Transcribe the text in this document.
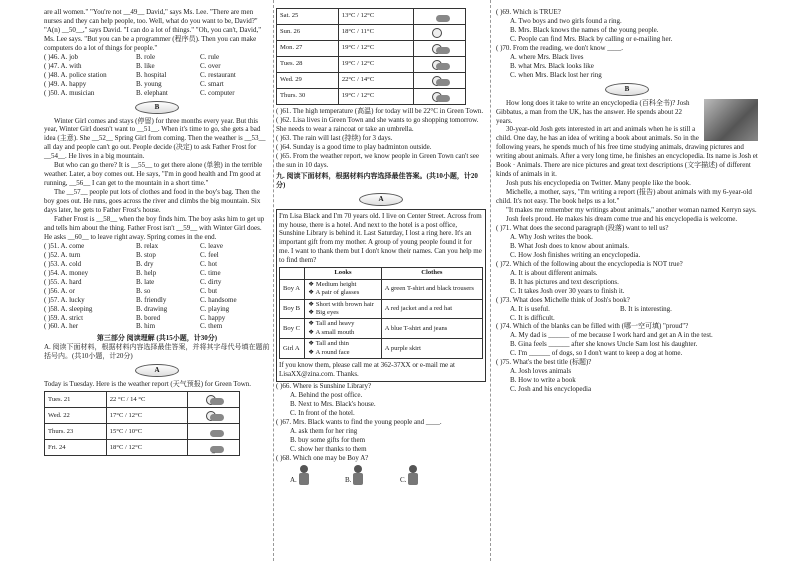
are all women." "You're not __49__ David," says Ms. Lee. "There are men nurses and they can help people, too. Well, what do you want to be, David?"

"A(n) __50__," says David. "I can do a lot of things." "Oh, you can't, David," Ms. Lee says. "But you can be a programmer (程序员). Then you can make computers do a lot of things for people."

( )46. A. job	B. role	C. rule
( )47. A. with	B. like	C. over
( )48. A. police station	B. hospital	C. restaurant
( )49. A. happy	B. young	C. smart
( )50. A. musician	B. elephant	C. computer
B

Winter Girl comes and stays (停留) for three months every year. But this year, Winter Girl doesn't want to __51__. When it's time to go, she gets a bad idea (主意). She __52__ Spring Girl from coming. Then the weather is __53__ all day and people can't go out. People decide (决定) to ask Father Frost for __54__. He lives in a big mountain.

But who can go there? It is __55__ to get there alone (单独) in the terrible weather. Later, a boy comes out. He says, "I'm in good health and I'm good at running, __56__ I can get to the mountain in a short time."

The __57__ people put lots of clothes and food in the boy's bag. Then the boy goes out. He runs, goes across the river and climbs the big mountain. Six days later, he gets to Father Frost's house.

Father Frost is __58__ when the boy finds him. The boy asks him to get up and tells him about the thing. Father Frost isn't __59__ with Winter Girl does. He asks __60__ to leave right away. Spring comes in the end.

( )51. A. come	B. relax	C. leave
( )52. A. turn	B. stop	C. feel
( )53. A. cold	B. dry	C. hot
( )54. A. money	B. help	C. time
( )55. A. hard	B. late	C. dirty
( )56. A. or	B. so	C. but
( )57. A. lucky	B. friendly	C. handsome
( )58. A. sleeping	B. drawing	C. playing
( )59. A. strict	B. bored	C. happy
( )60. A. her	B. him	C. them

第三部分 阅读理解 (共15小题，计30分)

A. 阅读下面材料，根据材料内容选择最佳答案，并将其字母代号填在题前括号内。(共10小题，计20分)

A

Today is Tuesday. Here is the weather report (天气预报) for Green Town.

Tues. 21	22 °C / 14 °C	

Wed. 22	17°C / 12°C	

Thurs. 23	15°C / 10°C	

Fri. 24	18°C / 12°C	′′′
Sat. 25	13°C / 12°C	

Sun. 26	18°C / 11°C	

Mon. 27	19°C / 12°C	

Tues. 28	19°C / 12°C	

Wed. 29	22°C / 14°C	

Thurs. 30	19°C / 12°C	

( )61. The high temperature (高温) for today will be 22°C in Green Town.

( )62. Lisa lives in Green Town and she wants to go shopping tomorrow. She needs to wear a raincoat or take an umbrella.

( )63. The rain will last (持续) for 3 days.

( )64. Sunday is a good time to play badminton outside.

( )65. From the weather report, we know people in Green Town can't see the sun in 10 days.

九. 阅读下面材料，根据材料内容选择最佳答案。(共10小题，计20分)

A

I'm Lisa Black and I'm 70 years old. I live on Center Street. Across from my house, there is a hotel. And next to the hotel is a post office, Sunshine Library is behind it. Last Saturday, I lost a ring here. It's an important gift from my mother. A group of young people found it for me. I want to thank them but I don't know their names. Can you help me to find them?

	Looks	Clothes
Boy A	❖ Medium height
❖ A pair of glasses	A green T-shirt and black trousers
Boy B	❖ Short with brown hair
❖ Big eyes	A red jacket and a red hat
Boy C	❖ Tall and heavy
❖ A small mouth	A blue T-shirt and jeans
Girl A	❖ Tall and thin
❖ A round face	A purple skirt

If you know them, please call me at 362-37XX or e-mail me at LisaXX@zina.com. Thanks.

( )66. Where is Sunshine Library?

A. Behind the post office.

B. Next to Mrs. Black's house.

C. In front of the hotel.

( )67. Mrs. Black wants to find the young people and ____.

A. ask them for her ring

B. buy some gifts for them

C. show her thanks to them

( )68. Which one may be Boy A?

A.	B.	C.

( )69. Which is TRUE?

A. Two boys and two girls found a ring.

B. Mrs. Black knows the names of the young people.

C. People can find Mrs. Black by calling or e-mailing her.

( )70. From the reading, we don't know ____.

A. where Mrs. Black lives

B. what Mrs. Black looks like

C. when Mrs. Black lost her ring

B

How long does it take to write an encyclopedia (百科全书)? Josh Gibbatus, a man from the UK, has the answer. He spends about 22 years.

30-year-old Josh gets interested in art and animals when he is still a child. One day, he has an idea of writing a book about animals. So in the following years, he spends much of his free time studying animals, drawing pictures and writing about animals. After a very long time, he finishes an encyclopedia. Its name is Josh et Book · Animals. There are nice pictures and great text descriptions (文字描述) of different kinds of animals in it.

Josh puts his encyclopedia on Twitter. Many people like the book.

Michelle, a mother, says, "I'm writing a report (报告) about animals with my 6-year-old child. It's not easy. The book helps us a lot."

"It makes me remember my writings about animals," another woman named Kerryn says.

Josh feels proud. He makes his dream come true and his encyclopedia is welcome.

( )71. What does the second paragraph (段落) want to tell us?

A. Why Josh writes the book.

B. What Josh does to know about animals.

C. How Josh finishes writing an encyclopedia.

( )72. Which of the following about the encyclopedia is NOT true?

A. It is about different animals.

B. It has pictures and text descriptions.

C. It takes Josh over 30 years to finish it.

( )73. What does Michelle think of Josh's book?

A. It is useful.	B. It is interesting.

C. It is difficult.

( )74. Which of the blanks can be filled with (哪一空可填) "proud"?

A. My dad is ______ of me because I work hard and get an A in the test.

B. Gina feels ______ after she knows Uncle Sam lost his daughter.

C. I'm ______ of dogs, so I don't want to keep a dog at home.

( )75. What's the best title (标题)?

A. Josh loves animals

B. How to write a book

C. Josh and his encyclopedia
